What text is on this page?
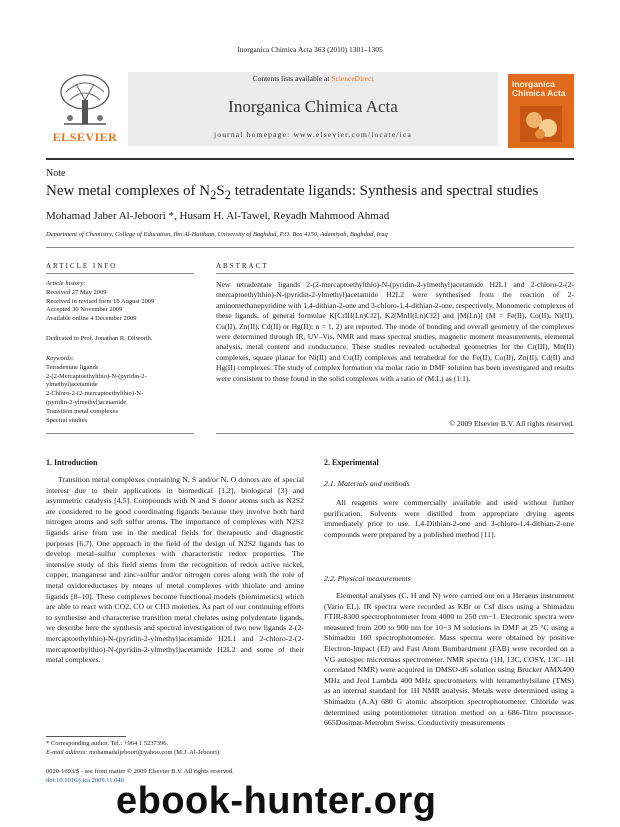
Inorganica Chimica Acta 363 (2010) 1301–1305
ELSEVIER
Contents lists available at ScienceDirect
Inorganica Chimica Acta
journal homepage: www.elsevier.com/locate/ica
Inorganica
Chimica Acta
Note
New metal complexes of $N_2S_2$ tetradentate ligands: Synthesis and spectral studies
Mohamad Jaber Al-Jeboori *, Husam H. Al-Tawel, Reyadh Mahmood Ahmad
Department of Chemistry, College of Education, Ibn Al-Haitham, University of Baghdad, P.O. Box 4150, Adamiyah, Baghdad, Iraq
ARTICLE INFO	ABSTRACT
Article history:
Received 27 May 2009
Received in revised form 18 August 2009
Accepted 30 November 2009
Available online 4 December 2009
Dedicated to Prof. Jonathan R. Dilworth.
Keywords:
Tetradentate ligands
2-(2-Mercaptoethylthio)-N-(pyridin-2-
ylmethyl)acetamide
2-Chloro-2-(2-mercaptoethylthio)-N-
(pyridin-2-ylmethyl)acetamide
Transition metal complexes
Spectral studies
New tetradentate ligands 2-(2-mercaptoethylthio)-N-(pyridin-2-ylmethyl)acetamide H2L1 and 2-chloro-2-(2-mercaptoethylthio)-N-(pyridin-2-ylmethyl)acetamide H2L2 were synthesised from the reaction of 2-aminomethanepyridine with 1,4-dithian-2-one and 3-chloro-1,4-dithian-2-one, respectively. Monomeric complexes of these ligands, of general formulae K[CrIII(Ln)Cl2], K2[MnII(Ln)Cl2] and [M(Ln)] (M = Fe(II), Co(II), Ni(II), Cu(II), Zn(II), Cd(II) or Hg(II); n = 1, 2) are reported. The mode of bonding and overall geometry of the complexes were determined through IR, UV–Vis, NMR and mass spectral studies, magnetic moment measurements, elemental analysis, metal content and conductance. These studies revealed octahedral geometries for the Cr(III), Mn(II) complexes, square planar for Ni(II) and Cu(II) complexes and tetrahedral for the Fe(II), Co(II), Zn(II), Cd(II) and Hg(II) complexes. The study of complex formation via molar ratio in DMF solution has been investigated and results were consistent to those found in the solid complexes with a ratio of (M:L) as (1:1).
© 2009 Elsevier B.V. All rights reserved.
1. Introduction
Transition metal complexes containing N, S and/or N, O donors are of special interest due to their applications in biomedical [1,2], biological [3] and asymmetric catalysis [4,5]. Compounds with N and S donor atoms such as N2S2 are considered to be good coordinating ligands because they involve both hard nitrogen atoms and soft sulfur atoms. The importance of complexes with N2S2 ligands arise from use in the medical fields for therapeutic and diagnostic purposes [6,7]. One approach in the field of the design of N2S2 ligands has to develop metal–sulfur complexes with characteristic redox properties. The intensive study of this field stems from the recognition of redox active nickel, copper, manganese and zinc–sulfur and/or nitrogen cores along with the role of metal oxidoreductases by means of metal complexes with thiolate and amine ligands [8–10]. These complexes become functional models (biomimetics) which are able to react with CO2, CO or CH3 moieties. As part of our continuing efforts to synthesise and characterise transition metal chelates using polydentate ligands, we describe here the synthesis and spectral investigation of two new ligands 2-(2-mercaptoethylthio)-N-(pyridin-2-ylmethyl)acetamide H2L1 and 2-chloro-2-(2-mercaptoethylthio)-N-(pyridin-2-ylmethyl)acetamide H2L2 and some of their metal complexes.
2. Experimental
2.1. Materials and methods
All reagents were commercially available and used without further purification. Solvents were distilled from appropriate drying agents immediately prior to use. 1,4-Dithian-2-one and 3-chloro-1,4-dithian-2-one compounds were prepared by a published method [11].
2.2. Physical measurements
Elemental analyses (C, H and N) were carried out on a Heraeus instrument (Vario EL). IR spectra were recorded as KBr or CsI discs using a Shimadzu FTIR-8300 spectrophotometer from 4000 to 250 cm−1. Electronic spectra were measured from 200 to 900 nm for 10−3 M solutions in DMF at 25 °C using a Shimadzu 160 spectrophotometer. Mass spectra were obtained by positive Electron-Impact (EI) and Fast Atom Bombardment (FAB) were recorded on a VG autospec micromass spectrometer. NMR spectra (1H, 13C, COSY, 13C–1H correlated NMR) were acquired in DMSO-d6 solution using Brucker AMX400 MHz and Jeol Lambda 400 MHz spectrometers with tetramethylsilane (TMS) as an internal standard for 1H NMR analysis. Metals were determined using a Shimadzu (A.A) 680 G atomic absorption spectrophotometer. Chloride was determined using potentiometer titration method on a 686-Titro processor-665Dosimat-Metrohm Swiss. Conductivity measurements
* Corresponding author. Tel.: +964 1 5237396.
E-mail address: mohamadaljeboori@yahoo.com (M.J. Al-Jeboori).
0020-1693/$ - see front matter © 2009 Elsevier B.V. All rights reserved.
doi:10.1016/j.ica.2009.11.040
ebook-hunter.org
